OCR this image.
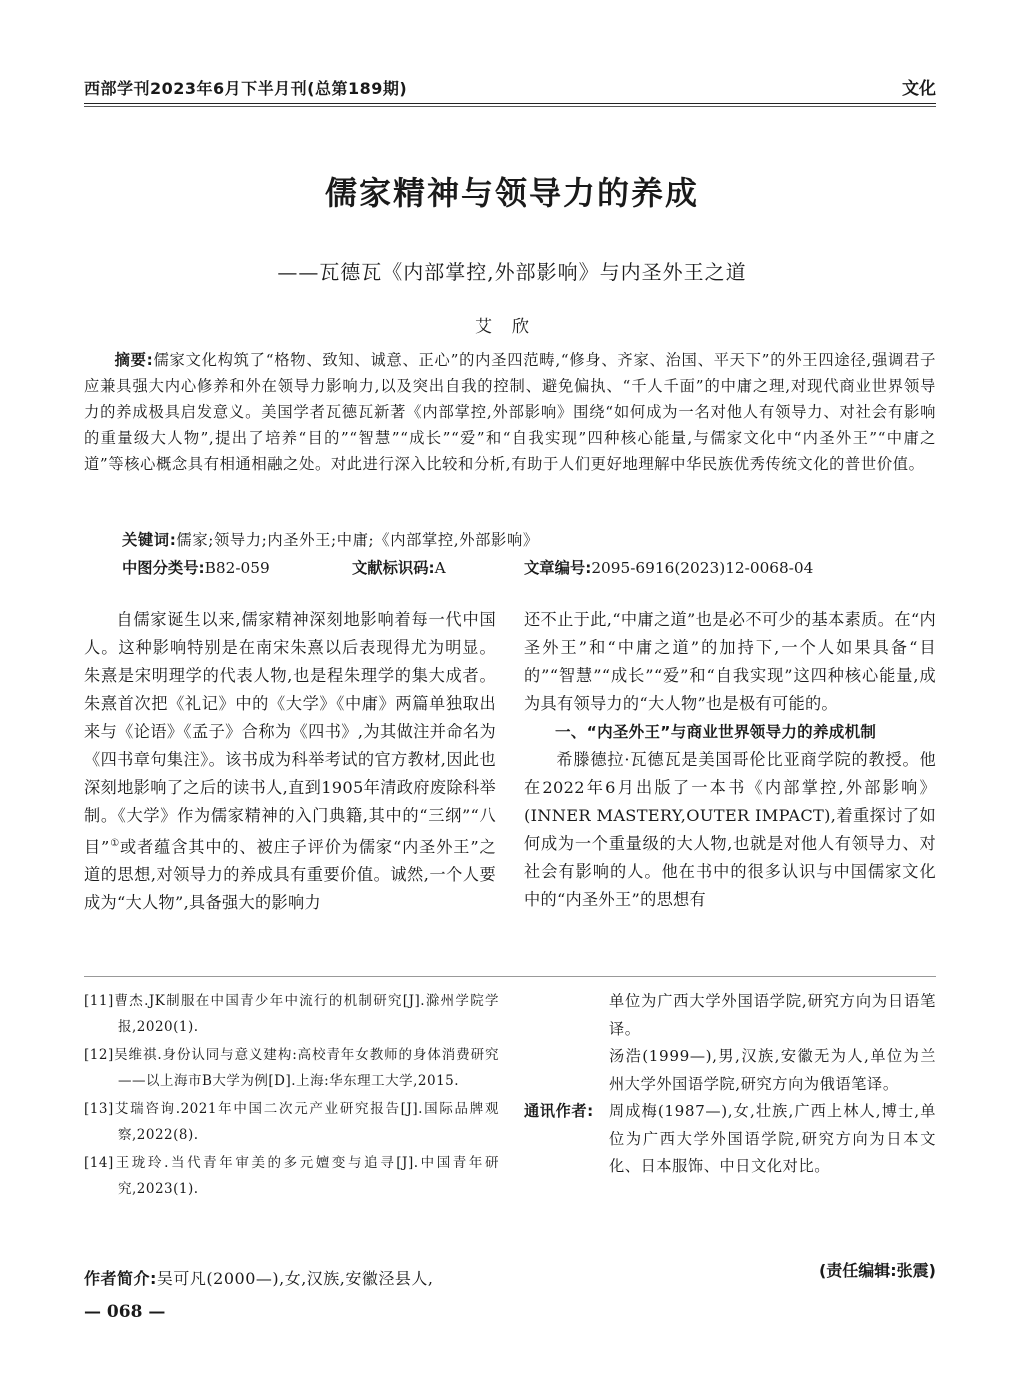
西部学刊2023年6月下半月刊(总第189期)	文化
儒家精神与领导力的养成
——瓦德瓦《内部掌控,外部影响》与内圣外王之道
艾欣
摘要:儒家文化构筑了“格物、致知、诚意、正心”的内圣四范畴,“修身、齐家、治国、平天下”的外王四途径,强调君子应兼具强大内心修养和外在领导力影响力,以及突出自我的控制、避免偏执、“千人千面”的中庸之理,对现代商业世界领导力的养成极具启发意义。美国学者瓦德瓦新著《内部掌控,外部影响》围绕“如何成为一名对他人有领导力、对社会有影响的重量级大人物”,提出了培养“目的”“智慧”“成长”“爱”和“自我实现”四种核心能量,与儒家文化中“内圣外王”“中庸之道”等核心概念具有相通相融之处。对此进行深入比较和分析,有助于人们更好地理解中华民族优秀传统文化的普世价值。
关键词:儒家;领导力;内圣外王;中庸;《内部掌控,外部影响》
中图分类号:B82-059	文献标识码:A	文章编号:2095-6916(2023)12-0068-04

自儒家诞生以来,儒家精神深刻地影响着每一代中国人。这种影响特别是在南宋朱熹以后表现得尤为明显。朱熹是宋明理学的代表人物,也是程朱理学的集大成者。朱熹首次把《礼记》中的《大学》《中庸》两篇单独取出来与《论语》《孟子》合称为《四书》,为其做注并命名为《四书章句集注》。该书成为科举考试的官方教材,因此也深刻地影响了之后的读书人,直到1905年清政府废除科举制。《大学》作为儒家精神的入门典籍,其中的“三纲”“八目”①或者蕴含其中的、被庄子评价为儒家“内圣外王”之道的思想,对领导力的养成具有重要价值。诚然,一个人要成为“大人物”,具备强大的影响力

还不止于此,“中庸之道”也是必不可少的基本素质。在“内圣外王”和“中庸之道”的加持下,一个人如果具备“目的”“智慧”“成长”“爱”和“自我实现”这四种核心能量,成为具有领导力的“大人物”也是极有可能的。

一、“内圣外王”与商业世界领导力的养成机制

希滕德拉·瓦德瓦是美国哥伦比亚商学院的教授。他在2022年6月出版了一本书《内部掌控,外部影响》(INNER MASTERY,OUTER IMPACT),着重探讨了如何成为一个重量级的大人物,也就是对他人有领导力、对社会有影响的人。他在书中的很多认识与中国儒家文化中的“内圣外王”的思想有

[11]曹杰.JK制服在中国青少年中流行的机制研究[J].滁州学院学报,2020(1).

[12]吴维祺.身份认同与意义建构:高校青年女教师的身体消费研究——以上海市B大学为例[D].上海:华东理工大学,2015.

[13]艾瑞咨询.2021年中国二次元产业研究报告[J].国际品牌观察,2022(8).

[14]王珑玲.当代青年审美的多元嬗变与追寻[J].中国青年研究,2023(1).

作者简介:吴可凡(2000—),女,汉族,安徽泾县人,
— 068 —

单位为广西大学外国语学院,研究方向为日语笔译。

汤浩(1999—),男,汉族,安徽无为人,单位为兰州大学外国语学院,研究方向为俄语笔译。

通讯作者: 周成梅(1987—),女,壮族,广西上林人,博士,单位为广西大学外国语学院,研究方向为日本文化、日本服饰、中日文化对比。
(责任编辑:张震)
